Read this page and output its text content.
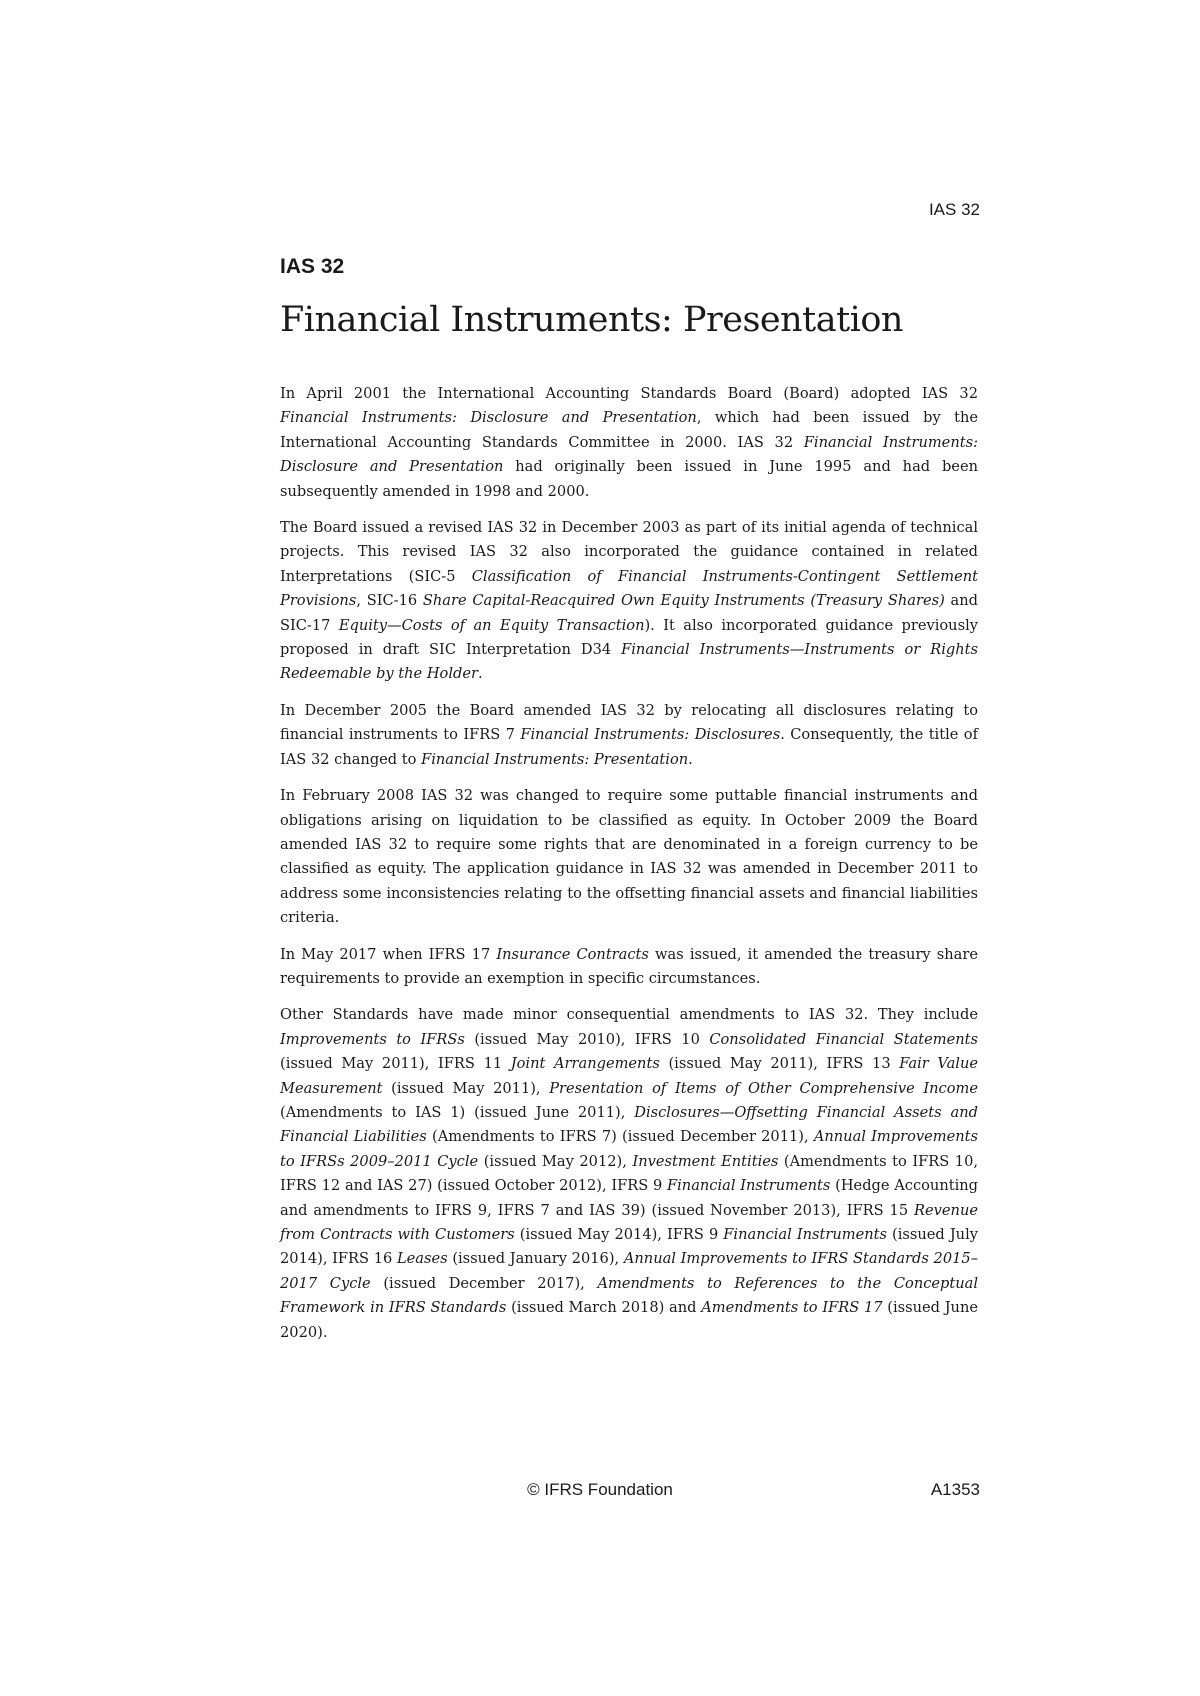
IAS 32
IAS 32
Financial Instruments: Presentation

In April 2001 the International Accounting Standards Board (Board) adopted IAS 32 Financial Instruments: Disclosure and Presentation, which had been issued by the International Accounting Standards Committee in 2000. IAS 32 Financial Instruments: Disclosure and Presentation had originally been issued in June 1995 and had been subsequently amended in 1998 and 2000.

The Board issued a revised IAS 32 in December 2003 as part of its initial agenda of technical projects. This revised IAS 32 also incorporated the guidance contained in related Interpretations (SIC-5 Classification of Financial Instruments-Contingent Settlement Provisions, SIC-16 Share Capital-Reacquired Own Equity Instruments (Treasury Shares) and SIC-17 Equity—Costs of an Equity Transaction). It also incorporated guidance previously proposed in draft SIC Interpretation D34 Financial Instruments—Instruments or Rights Redeemable by the Holder.

In December 2005 the Board amended IAS 32 by relocating all disclosures relating to financial instruments to IFRS 7 Financial Instruments: Disclosures. Consequently, the title of IAS 32 changed to Financial Instruments: Presentation.

In February 2008 IAS 32 was changed to require some puttable financial instruments and obligations arising on liquidation to be classified as equity. In October 2009 the Board amended IAS 32 to require some rights that are denominated in a foreign currency to be classified as equity. The application guidance in IAS 32 was amended in December 2011 to address some inconsistencies relating to the offsetting financial assets and financial liabilities criteria.

In May 2017 when IFRS 17 Insurance Contracts was issued, it amended the treasury share requirements to provide an exemption in specific circumstances.

Other Standards have made minor consequential amendments to IAS 32. They include Improvements to IFRSs (issued May 2010), IFRS 10 Consolidated Financial Statements (issued May 2011), IFRS 11 Joint Arrangements (issued May 2011), IFRS 13 Fair Value Measurement (issued May 2011), Presentation of Items of Other Comprehensive Income (Amendments to IAS 1) (issued June 2011), Disclosures—Offsetting Financial Assets and Financial Liabilities (Amendments to IFRS 7) (issued December 2011), Annual Improvements to IFRSs 2009–2011 Cycle (issued May 2012), Investment Entities (Amendments to IFRS 10, IFRS 12 and IAS 27) (issued October 2012), IFRS 9 Financial Instruments (Hedge Accounting and amendments to IFRS 9, IFRS 7 and IAS 39) (issued November 2013), IFRS 15 Revenue from Contracts with Customers (issued May 2014), IFRS 9 Financial Instruments (issued July 2014), IFRS 16 Leases (issued January 2016), Annual Improvements to IFRS Standards 2015–2017 Cycle (issued December 2017), Amendments to References to the Conceptual Framework in IFRS Standards (issued March 2018) and Amendments to IFRS 17 (issued June 2020).

© IFRS Foundation	A1353
